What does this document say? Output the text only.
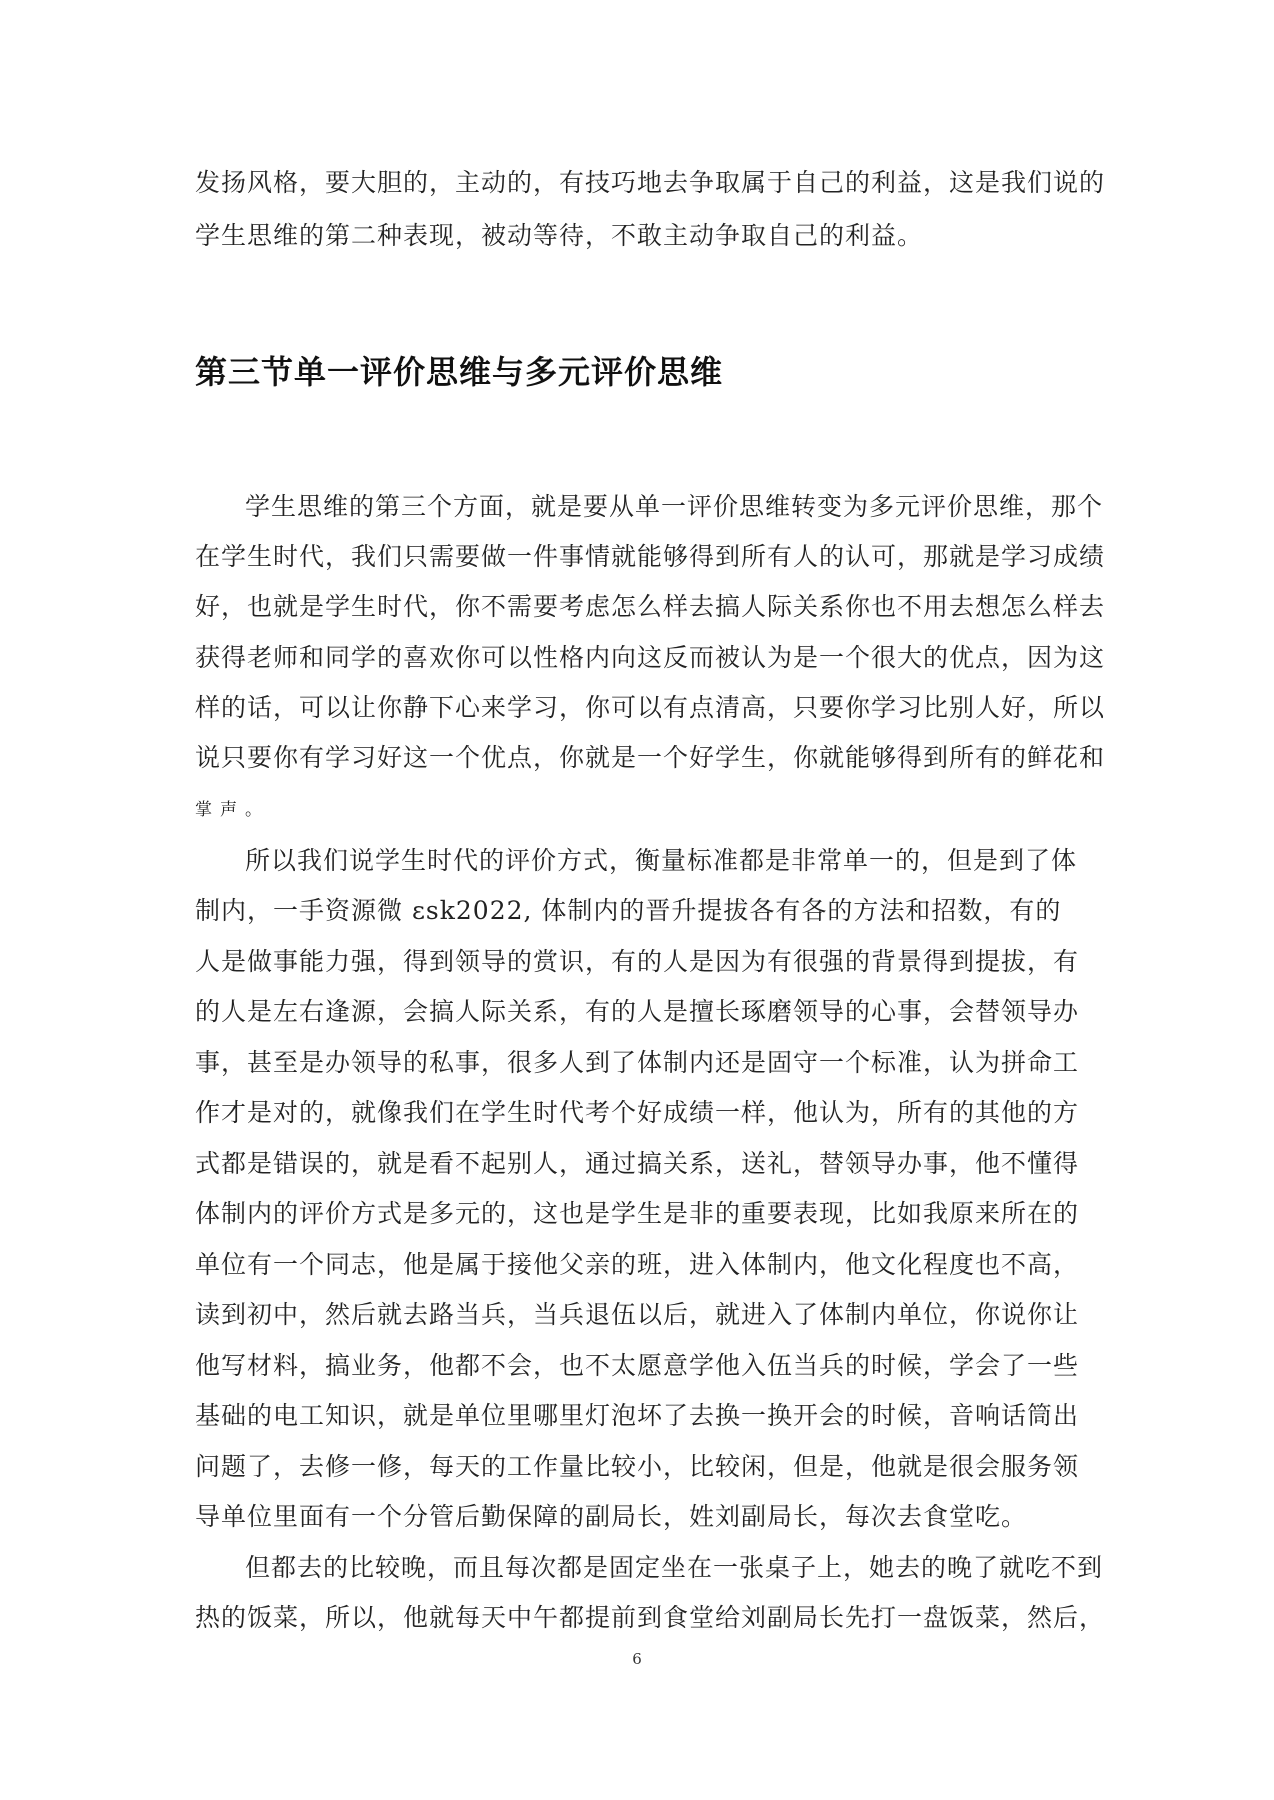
发扬风格，要大胆的，主动的，有技巧地去争取属于自己的利益，这是我们说的
学生思维的第二种表现，被动等待，不敢主动争取自己的利益。
第三节单一评价思维与多元评价思维
学生思维的第三个方面，就是要从单一评价思维转变为多元评价思维，那个
在学生时代，我们只需要做一件事情就能够得到所有人的认可，那就是学习成绩
好，也就是学生时代，你不需要考虑怎么样去搞人际关系你也不用去想怎么样去
获得老师和同学的喜欢你可以性格内向这反而被认为是一个很大的优点，因为这
样的话，可以让你静下心来学习，你可以有点清高，只要你学习比别人好，所以
说只要你有学习好这一个优点，你就是一个好学生，你就能够得到所有的鲜花和
掌声。
所以我们说学生时代的评价方式，衡量标准都是非常单一的，但是到了体
制内，一手资源微 ɛsk2022, 体制内的晋升提拔各有各的方法和招数，有的
人是做事能力强，得到领导的赏识，有的人是因为有很强的背景得到提拔，有
的人是左右逢源，会搞人际关系，有的人是擅长琢磨领导的心事，会替领导办
事，甚至是办领导的私事，很多人到了体制内还是固守一个标准，认为拼命工
作才是对的，就像我们在学生时代考个好成绩一样，他认为，所有的其他的方
式都是错误的，就是看不起别人，通过搞关系，送礼，替领导办事，他不懂得
体制内的评价方式是多元的，这也是学生是非的重要表现，比如我原来所在的
单位有一个同志，他是属于接他父亲的班，进入体制内，他文化程度也不高，
读到初中，然后就去路当兵，当兵退伍以后，就进入了体制内单位，你说你让
他写材料，搞业务，他都不会，也不太愿意学他入伍当兵的时候，学会了一些
基础的电工知识，就是单位里哪里灯泡坏了去换一换开会的时候，音响话筒出
问题了，去修一修，每天的工作量比较小，比较闲，但是，他就是很会服务领
导单位里面有一个分管后勤保障的副局长，姓刘副局长，每次去食堂吃。
但都去的比较晚，而且每次都是固定坐在一张桌子上，她去的晚了就吃不到
热的饭菜，所以，他就每天中午都提前到食堂给刘副局长先打一盘饭菜，然后，
6
